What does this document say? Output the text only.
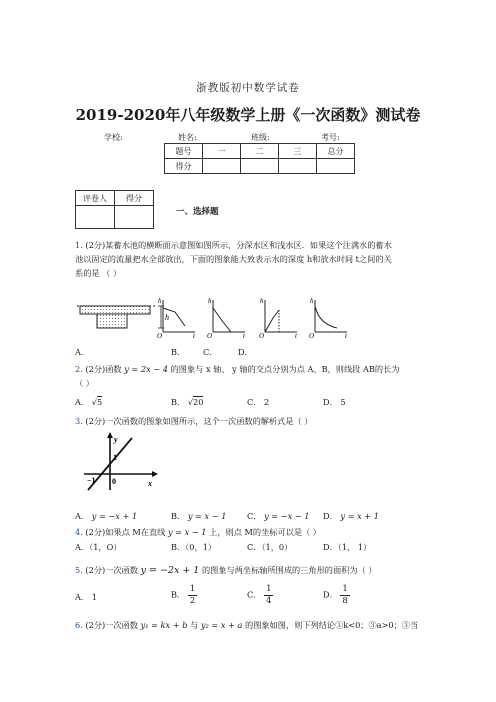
浙教版初中数学试卷
2019-2020年八年级数学上册《一次函数》测试卷
学校:	姓名:	班级:	考号:
题号	一	二	三	总分
得分				
评卷人	得分

一、选择题
1. (2分)某蓄水池的横断面示意图如图所示，分深水区和浅水区．如果这个注满水的蓄水
池以固定的流量把水全部放出，下面的图象能大致表示水的深度 h和放水时间 t之间的关
系的是 （ ）
h
h
t
O
h
t
O
h
t
O
h
t
O
A.	B.	C.	D.
2. (2分)函数 y = 2x − 4 的图象与 x 轴、 y 轴的交点分别为点 A、B，则线段 AB的长为
（ ）
A． √5	B． √20	C． 2	D． 5
3. (2分)一次函数的图象如图所示，这个一次函数的解析式是（ ）
y
x
1
−1 0
A． y = −x + 1	B． y = x − 1	C． y = −x − 1 D． y = x + 1
4. (2分)如果点 M在直线 y = x − 1 上，则点 M的坐标可以是（ ）
A．（1，O）	B．（0，1）	C．（1，0）	D．（1， 1）
5. (2分)一次函数 y = −2x + 1 的图象与两坐标轴所围成的三角形的面积为（ ）
A． 1	B． $\frac{1}{2}$	C． $\frac{1}{4}$	D． $\frac{1}{8}$
6. (2分)一次函数 y₁ = kx + b 与 y₂ = x + a 的图象如图，则下列结论①k<0；③a>0；③当
